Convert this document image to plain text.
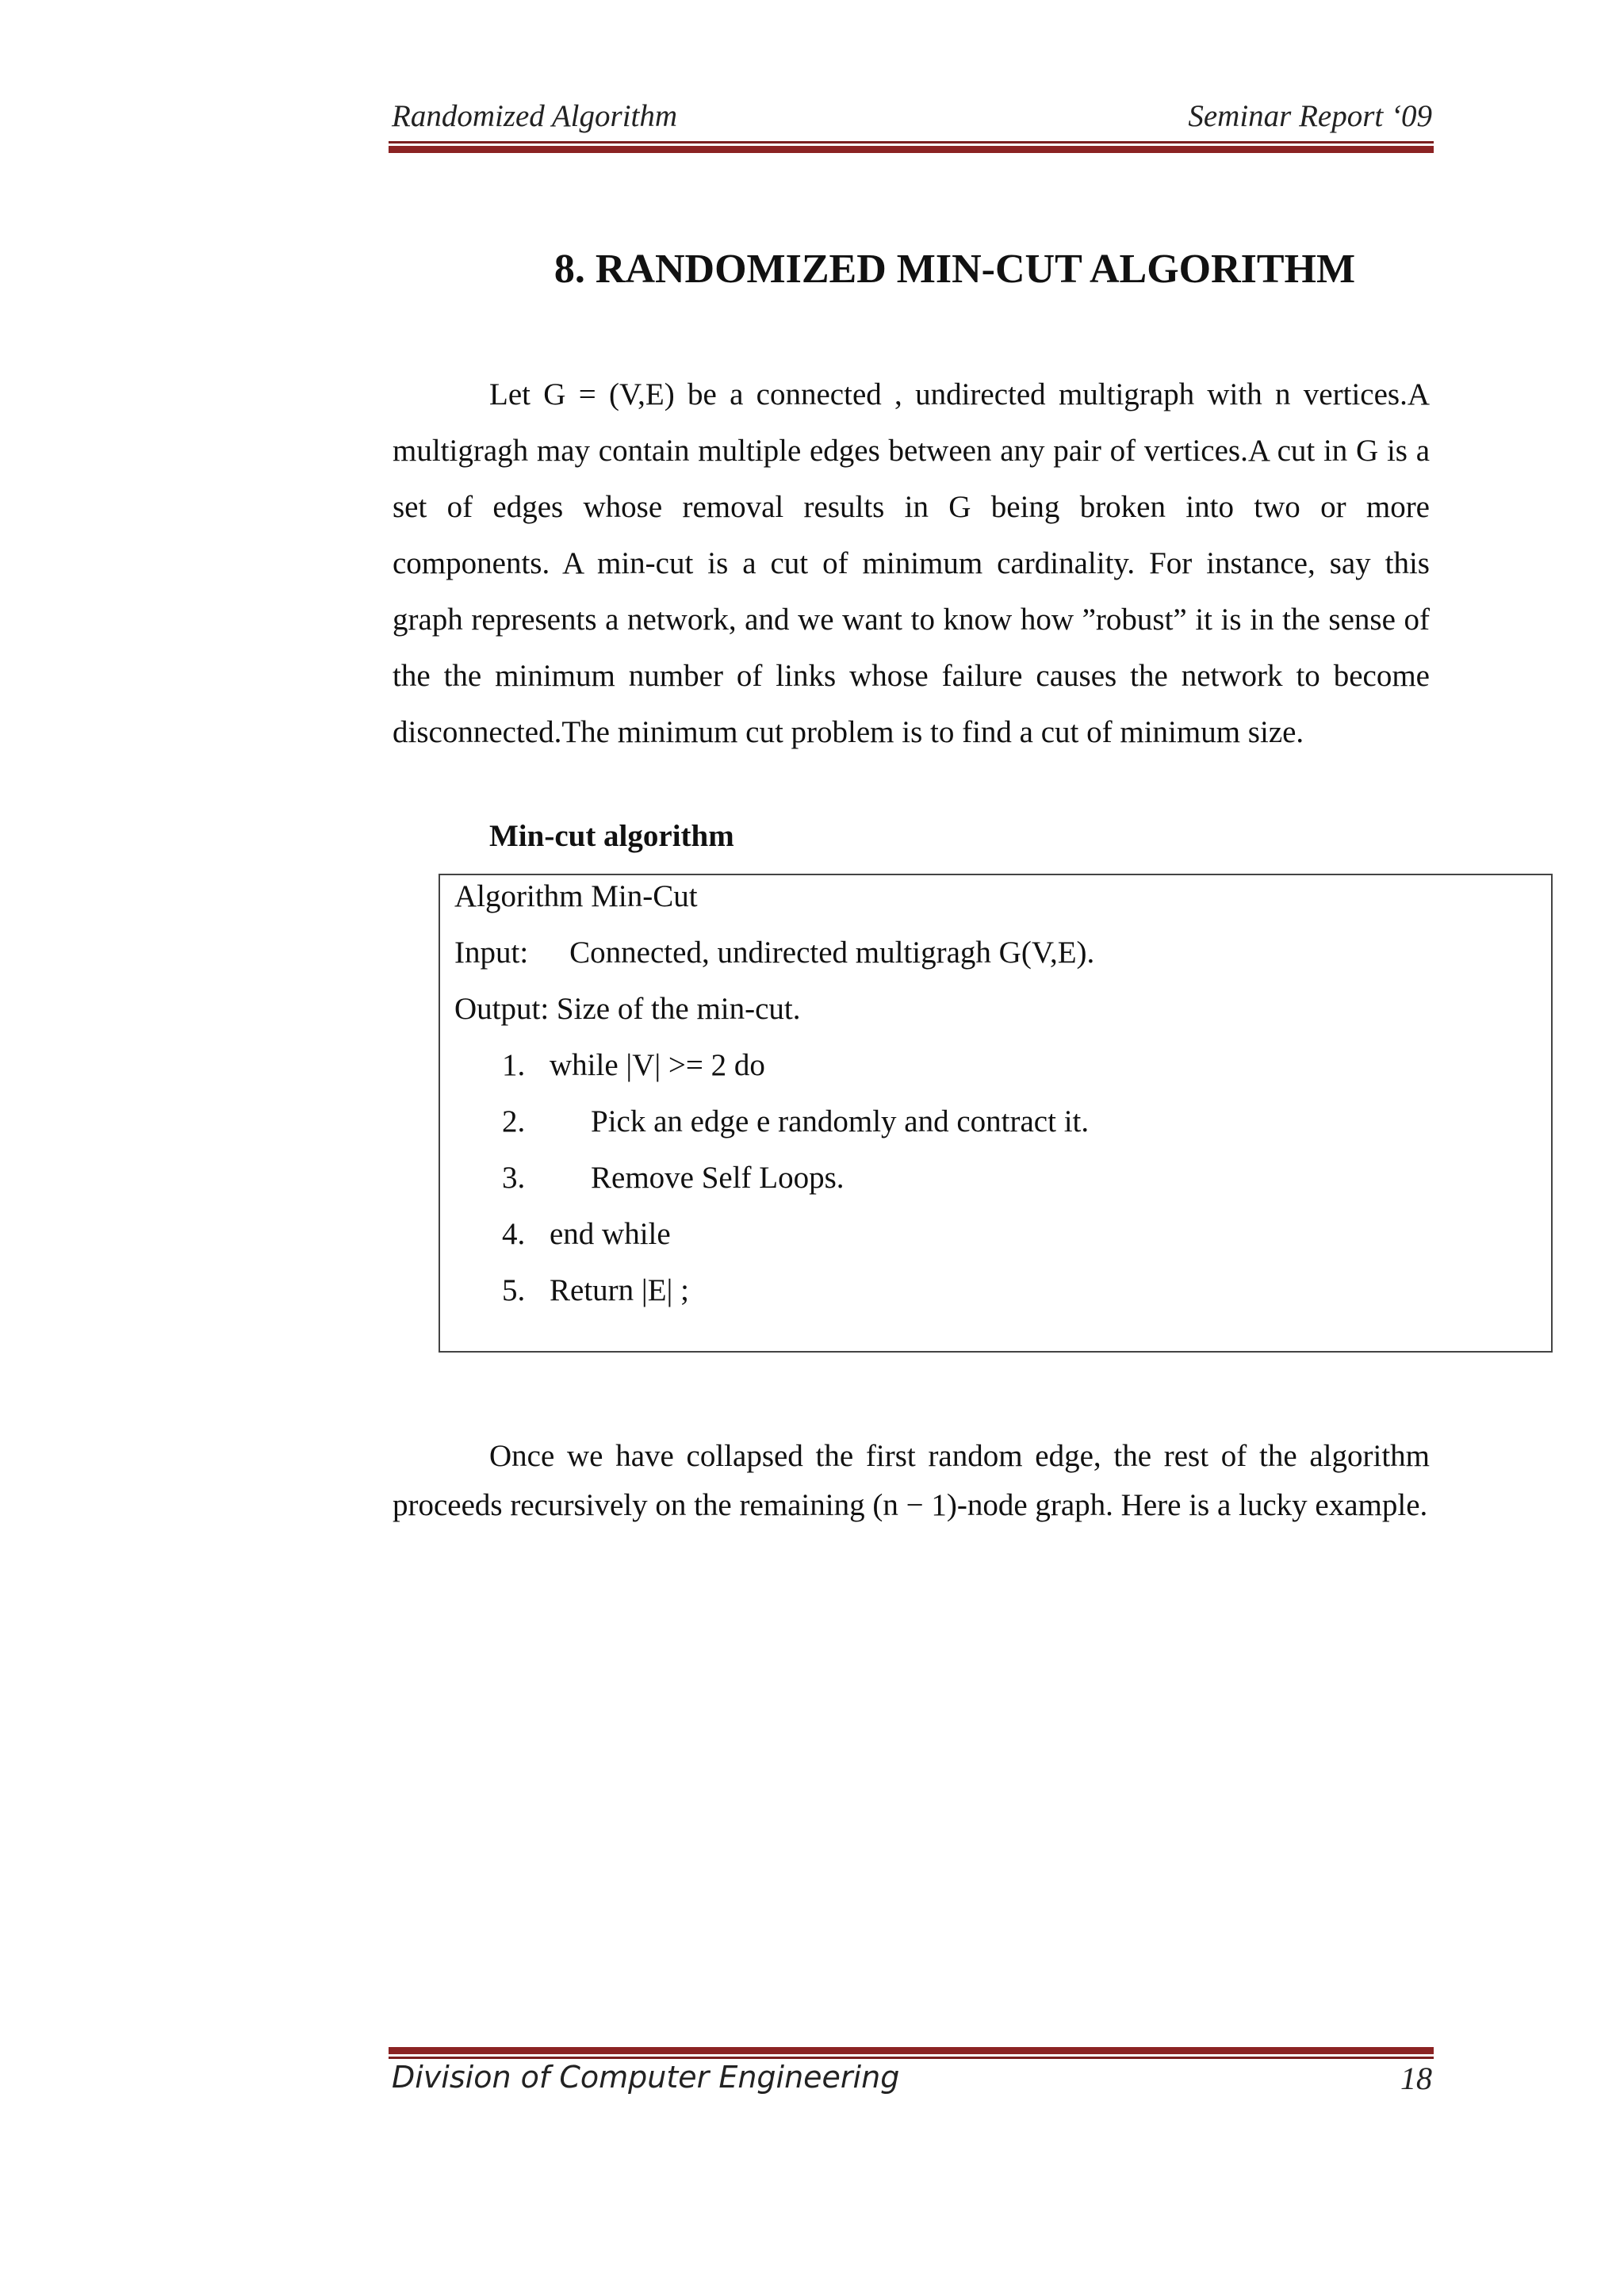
Randomized Algorithm	Seminar Report ‘09
8. RANDOMIZED MIN-CUT ALGORITHM
Let G = (V,E) be a connected , undirected multigraph with n vertices.A multigragh may contain multiple edges between any pair of vertices.A cut in G is a set of edges whose removal results in G being broken into two or more components. A min-cut is a cut of minimum cardinality. For instance, say this graph represents a network, and we want to know how ”robust” it is in the sense of the the minimum number of links whose failure causes the network to become disconnected.The minimum cut problem is to find a cut of minimum size.
Min-cut algorithm
Algorithm Min-Cut
Input: Connected, undirected multigragh G(V,E).
Output: Size of the min-cut.
1. while |V| >= 2 do
2. Pick an edge e randomly and contract it.
3. Remove Self Loops.
4. end while
5. Return |E| ;
Once we have collapsed the first random edge, the rest of the algorithm proceeds recursively on the remaining (n − 1)-node graph. Here is a lucky example.
Division of Computer Engineering	18
